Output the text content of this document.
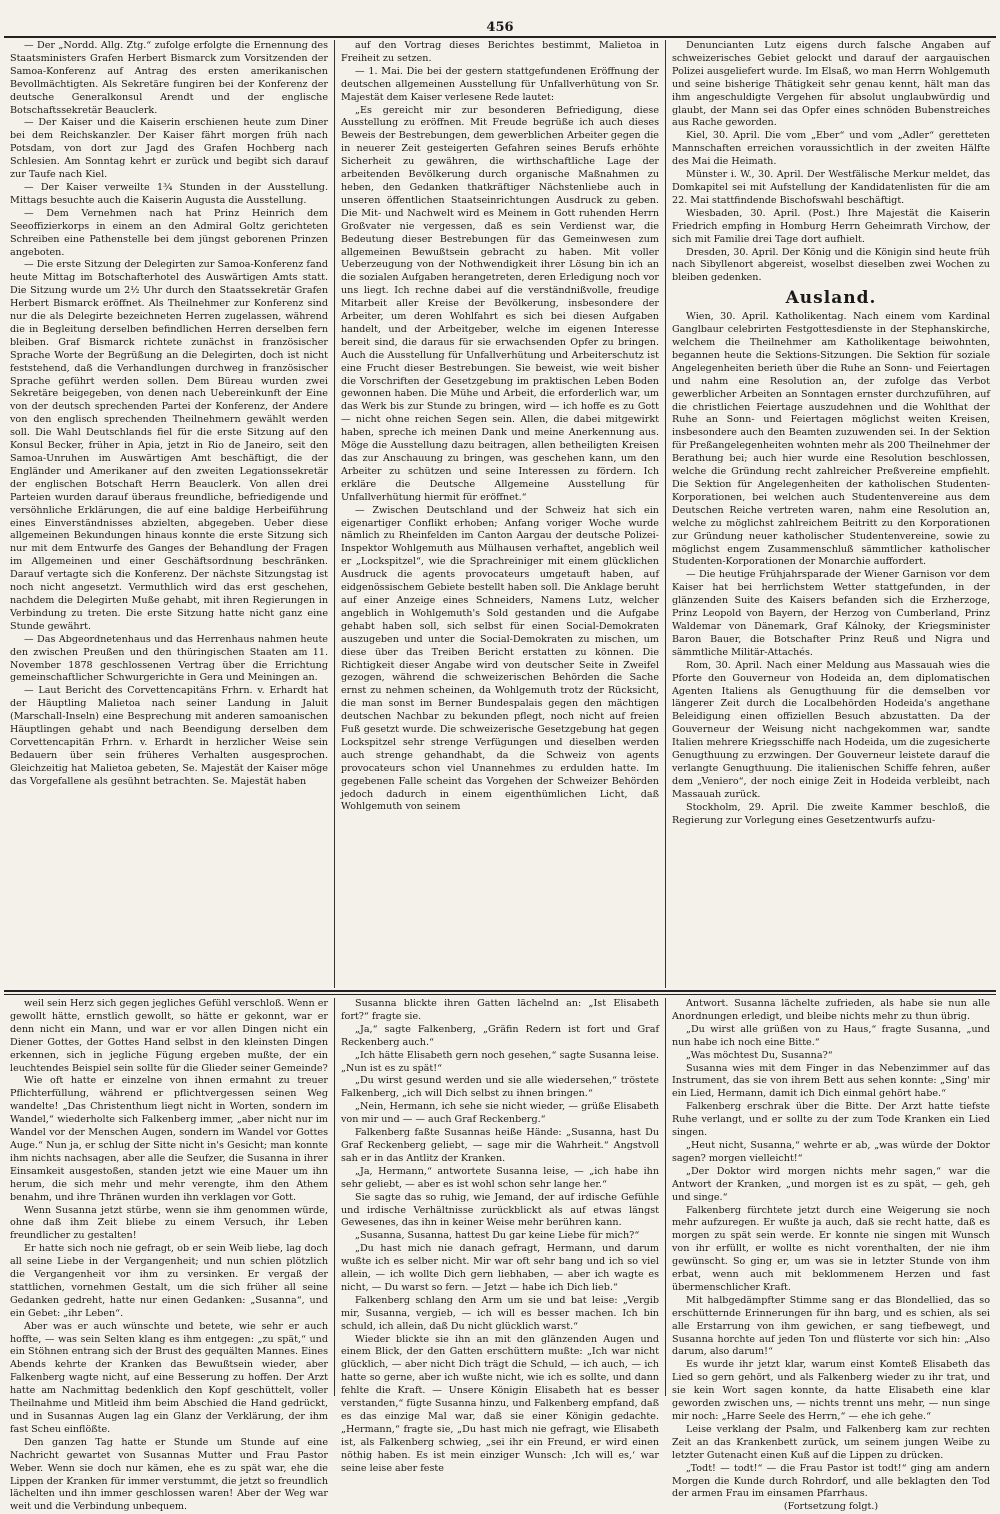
456

— Der „Nordd. Allg. Ztg.“ zufolge erfolgte die Ernennung des Staatsministers Grafen Herbert Bismarck zum Vorsitzenden der Samoa-Konferenz auf Antrag des ersten amerikanischen Bevollmächtigten. Als Sekretäre fungiren bei der Konferenz der deutsche Generalkonsul Arendt und der englische Botschaftssekretär Beauclerk.

— Der Kaiser und die Kaiserin erschienen heute zum Diner bei dem Reichskanzler. Der Kaiser fährt morgen früh nach Potsdam, von dort zur Jagd des Grafen Hochberg nach Schlesien. Am Sonntag kehrt er zurück und begibt sich darauf zur Taufe nach Kiel.

— Der Kaiser verweilte 1¾ Stunden in der Ausstellung. Mittags besuchte auch die Kaiserin Augusta die Ausstellung.

— Dem Vernehmen nach hat Prinz Heinrich dem Seeoffizierkorps in einem an den Admiral Goltz gerichteten Schreiben eine Pathenstelle bei dem jüngst geborenen Prinzen angeboten.

— Die erste Sitzung der Delegirten zur Samoa-Konferenz fand heute Mittag im Botschafterhotel des Auswärtigen Amts statt. Die Sitzung wurde um 2½ Uhr durch den Staatssekretär Grafen Herbert Bismarck eröffnet. Als Theilnehmer zur Konferenz sind nur die als Delegirte bezeichneten Herren zugelassen, während die in Begleitung derselben befindlichen Herren derselben fern bleiben. Graf Bismarck richtete zunächst in französischer Sprache Worte der Begrüßung an die Delegirten, doch ist nicht feststehend, daß die Verhandlungen durchweg in französischer Sprache geführt werden sollen. Dem Büreau wurden zwei Sekretäre beigegeben, von denen nach Uebereinkunft der Eine von der deutsch sprechenden Partei der Konferenz, der Andere von den englisch sprechenden Theilnehmern gewählt werden soll. Die Wahl Deutschlands fiel für die erste Sitzung auf den Konsul Becker, früher in Apia, jetzt in Rio de Janeiro, seit den Samoa-Unruhen im Auswärtigen Amt beschäftigt, die der Engländer und Amerikaner auf den zweiten Legationssekretär der englischen Botschaft Herrn Beauclerk. Von allen drei Parteien wurden darauf überaus freundliche, befriedigende und versöhnliche Erklärungen, die auf eine baldige Herbeiführung eines Einverständnisses abzielten, abgegeben. Ueber diese allgemeinen Bekundungen hinaus konnte die erste Sitzung sich nur mit dem Entwurfe des Ganges der Behandlung der Fragen im Allgemeinen und einer Geschäftsordnung beschränken. Darauf vertagte sich die Konferenz. Der nächste Sitzungstag ist noch nicht angesetzt. Vermuthlich wird das erst geschehen, nachdem die Delegirten Muße gehabt, mit ihren Regierungen in Verbindung zu treten. Die erste Sitzung hatte nicht ganz eine Stunde gewährt.

— Das Abgeordnetenhaus und das Herrenhaus nahmen heute den zwischen Preußen und den thüringischen Staaten am 11. November 1878 geschlossenen Vertrag über die Errichtung gemeinschaftlicher Schwurgerichte in Gera und Meiningen an.

— Laut Bericht des Corvettencapitäns Frhrn. v. Erhardt hat der Häuptling Malietoa nach seiner Landung in Jaluit (Marschall-Inseln) eine Besprechung mit anderen samoanischen Häuptlingen gehabt und nach Beendigung derselben dem Corvettencapitän Frhrn. v. Erhardt in herzlicher Weise sein Bedauern über sein früheres Verhalten ausgesprochen. Gleichzeitig hat Malietoa gebeten, Se. Majestät der Kaiser möge das Vorgefallene als gesühnt betrachten. Se. Majestät haben

auf den Vortrag dieses Berichtes bestimmt, Malietoa in Freiheit zu setzen.

— 1. Mai. Die bei der gestern stattgefundenen Eröffnung der deutschen allgemeinen Ausstellung für Unfallverhütung von Sr. Majestät dem Kaiser verlesene Rede lautet:

„Es gereicht mir zur besonderen Befriedigung, diese Ausstellung zu eröffnen. Mit Freude begrüße ich auch dieses Beweis der Bestrebungen, dem gewerblichen Arbeiter gegen die in neuerer Zeit gesteigerten Gefahren seines Berufs erhöhte Sicherheit zu gewähren, die wirthschaftliche Lage der arbeitenden Bevölkerung durch organische Maßnahmen zu heben, den Gedanken thatkräftiger Nächstenliebe auch in unseren öffentlichen Staatseinrichtungen Ausdruck zu geben. Die Mit- und Nachwelt wird es Meinem in Gott ruhenden Herrn Großvater nie vergessen, daß es sein Verdienst war, die Bedeutung dieser Bestrebungen für das Gemeinwesen zum allgemeinen Bewußtsein gebracht zu haben. Mit voller Ueberzeugung von der Nothwendigkeit ihrer Lösung bin ich an die sozialen Aufgaben herangetreten, deren Erledigung noch vor uns liegt. Ich rechne dabei auf die verständnißvolle, freudige Mitarbeit aller Kreise der Bevölkerung, insbesondere der Arbeiter, um deren Wohlfahrt es sich bei diesen Aufgaben handelt, und der Arbeitgeber, welche im eigenen Interesse bereit sind, die daraus für sie erwachsenden Opfer zu bringen. Auch die Ausstellung für Unfallverhütung und Arbeiterschutz ist eine Frucht dieser Bestrebungen. Sie beweist, wie weit bisher die Vorschriften der Gesetzgebung im praktischen Leben Boden gewonnen haben. Die Mühe und Arbeit, die erforderlich war, um das Werk bis zur Stunde zu bringen, wird — ich hoffe es zu Gott — nicht ohne reichen Segen sein. Allen, die dabei mitgewirkt haben, spreche ich meinen Dank und meine Anerkennung aus. Möge die Ausstellung dazu beitragen, allen betheiligten Kreisen das zur Anschauung zu bringen, was geschehen kann, um den Arbeiter zu schützen und seine Interessen zu fördern. Ich erkläre die Deutsche Allgemeine Ausstellung für Unfallverhütung hiermit für eröffnet.“

— Zwischen Deutschland und der Schweiz hat sich ein eigenartiger Conflikt erhoben; Anfang voriger Woche wurde nämlich zu Rheinfelden im Canton Aargau der deutsche Polizei-Inspektor Wohlgemuth aus Mülhausen verhaftet, angeblich weil er „Lockspitzel“, wie die Sprachreiniger mit einem glücklichen Ausdruck die agents provocateurs umgetauft haben, auf eidgenössischem Gebiete bestellt haben soll. Die Anklage beruht auf einer Anzeige eines Schneiders, Namens Lutz, welcher angeblich in Wohlgemuth's Sold gestanden und die Aufgabe gehabt haben soll, sich selbst für einen Social-Demokraten auszugeben und unter die Social-Demokraten zu mischen, um diese über das Treiben Bericht erstatten zu können. Die Richtigkeit dieser Angabe wird von deutscher Seite in Zweifel gezogen, während die schweizerischen Behörden die Sache ernst zu nehmen scheinen, da Wohlgemuth trotz der Rücksicht, die man sonst im Berner Bundespalais gegen den mächtigen deutschen Nachbar zu bekunden pflegt, noch nicht auf freien Fuß gesetzt wurde. Die schweizerische Gesetzgebung hat gegen Lockspitzel sehr strenge Verfügungen und dieselben werden auch strenge gehandhabt, da die Schweiz von agents provocateurs schon viel Unannehmes zu erdulden hatte. Im gegebenen Falle scheint das Vorgehen der Schweizer Behörden jedoch dadurch in einem eigenthümlichen Licht, daß Wohlgemuth von seinem

Denuncianten Lutz eigens durch falsche Angaben auf schweizerisches Gebiet gelockt und darauf der aargauischen Polizei ausgeliefert wurde. Im Elsaß, wo man Herrn Wohlgemuth und seine bisherige Thätigkeit sehr genau kennt, hält man das ihm angeschuldigte Vergehen für absolut unglaubwürdig und glaubt, der Mann sei das Opfer eines schnöden Bubenstreiches aus Rache geworden.

Kiel, 30. April. Die vom „Eber“ und vom „Adler“ geretteten Mannschaften erreichen voraussichtlich in der zweiten Hälfte des Mai die Heimath.

Münster i. W., 30. April. Der Westfälische Merkur meldet, das Domkapitel sei mit Aufstellung der Kandidatenlisten für die am 22. Mai stattfindende Bischofswahl beschäftigt.

Wiesbaden, 30. April. (Post.) Ihre Majestät die Kaiserin Friedrich empfing in Homburg Herrn Geheimrath Virchow, der sich mit Familie drei Tage dort aufhielt.

Dresden, 30. April. Der König und die Königin sind heute früh nach Sibyllenort abgereist, woselbst dieselben zwei Wochen zu bleiben gedenken.

Ausland.

Wien, 30. April. Katholikentag. Nach einem vom Kardinal Ganglbaur celebrirten Festgottesdienste in der Stephanskirche, welchem die Theilnehmer am Katholikentage beiwohnten, begannen heute die Sektions-Sitzungen. Die Sektion für soziale Angelegenheiten berieth über die Ruhe an Sonn- und Feiertagen und nahm eine Resolution an, der zufolge das Verbot gewerblicher Arbeiten an Sonntagen ernster durchzuführen, auf die christlichen Feiertage auszudehnen und die Wohlthat der Ruhe an Sonn- und Feiertagen möglichst weiten Kreisen, insbesondere auch den Beamten zuzuwenden sei. In der Sektion für Preßangelegenheiten wohnten mehr als 200 Theilnehmer der Berathung bei; auch hier wurde eine Resolution beschlossen, welche die Gründung recht zahlreicher Preßvereine empfiehlt. Die Sektion für Angelegenheiten der katholischen Studenten-Korporationen, bei welchen auch Studentenvereine aus dem Deutschen Reiche vertreten waren, nahm eine Resolution an, welche zu möglichst zahlreichem Beitritt zu den Korporationen zur Gründung neuer katholischer Studentenvereine, sowie zu möglichst engem Zusammenschluß sämmtlicher katholischer Studenten-Korporationen der Monarchie auffordert.

— Die heutige Frühjahrsparade der Wiener Garnison vor dem Kaiser hat bei herrlichstem Wetter stattgefunden, in der glänzenden Suite des Kaisers befanden sich die Erzherzoge, Prinz Leopold von Bayern, der Herzog von Cumberland, Prinz Waldemar von Dänemark, Graf Kálnoky, der Kriegsminister Baron Bauer, die Botschafter Prinz Reuß und Nigra und sämmtliche Militär-Attachés.

Rom, 30. April. Nach einer Meldung aus Massauah wies die Pforte den Gouverneur von Hodeida an, dem diplomatischen Agenten Italiens als Genugthuung für die demselben vor längerer Zeit durch die Localbehörden Hodeida's angethane Beleidigung einen offiziellen Besuch abzustatten. Da der Gouverneur der Weisung nicht nachgekommen war, sandte Italien mehrere Kriegsschiffe nach Hodeida, um die zugesicherte Genugthuung zu erzwingen. Der Gouverneur leistete darauf die verlangte Genugthuung. Die italienischen Schiffe fehren, außer dem „Veniero“, der noch einige Zeit in Hodeida verbleibt, nach Massauah zurück.

Stockholm, 29. April. Die zweite Kammer beschloß, die Regierung zur Vorlegung eines Gesetzentwurfs aufzu-

weil sein Herz sich gegen jegliches Gefühl verschloß. Wenn er gewollt hätte, ernstlich gewollt, so hätte er gekonnt, war er denn nicht ein Mann, und war er vor allen Dingen nicht ein Diener Gottes, der Gottes Hand selbst in den kleinsten Dingen erkennen, sich in jegliche Fügung ergeben mußte, der ein leuchtendes Beispiel sein sollte für die Glieder seiner Gemeinde?

Wie oft hatte er einzelne von ihnen ermahnt zu treuer Pflichterfüllung, während er pflichtvergessen seinen Weg wandelte! „Das Christenthum liegt nicht in Worten, sondern im Wandel,“ wiederholte sich Falkenberg immer, „aber nicht nur im Wandel vor der Menschen Augen, sondern im Wandel vor Gottes Auge.“ Nun ja, er schlug der Sitte nicht in's Gesicht; man konnte ihm nichts nachsagen, aber alle die Seufzer, die Susanna in ihrer Einsamkeit ausgestoßen, standen jetzt wie eine Mauer um ihn herum, die sich mehr und mehr verengte, ihm den Athem benahm, und ihre Thränen wurden ihn verklagen vor Gott.

Wenn Susanna jetzt stürbe, wenn sie ihm genommen würde, ohne daß ihm Zeit bliebe zu einem Versuch, ihr Leben freundlicher zu gestalten!

Er hatte sich noch nie gefragt, ob er sein Weib liebe, lag doch all seine Liebe in der Vergangenheit; und nun schien plötzlich die Vergangenheit vor ihm zu versinken. Er vergaß der stattlichen, vornehmen Gestalt, um die sich früher all seine Gedanken gedreht, hatte nur einen Gedanken: „Susanna“, und ein Gebet: „ihr Leben“.

Aber was er auch wünschte und betete, wie sehr er auch hoffte, — was sein Selten klang es ihm entgegen: „zu spät,“ und ein Stöhnen entrang sich der Brust des gequälten Mannes. Eines Abends kehrte der Kranken das Bewußtsein wieder, aber Falkenberg wagte nicht, auf eine Besserung zu hoffen. Der Arzt hatte am Nachmittag bedenklich den Kopf geschüttelt, voller Theilnahme und Mitleid ihm beim Abschied die Hand gedrückt, und in Susannas Augen lag ein Glanz der Verklärung, der ihm fast Scheu einflößte.

Den ganzen Tag hatte er Stunde um Stunde auf eine Nachricht gewartet von Susannas Mutter und Frau Pastor Weber. Wenn sie doch nur kämen, ehe es zu spät war, ehe die Lippen der Kranken für immer verstummt, die jetzt so freundlich lächelten und ihn immer geschlossen waren! Aber der Weg war weit und die Verbindung unbequem.

Susanna blickte ihren Gatten lächelnd an: „Ist Elisabeth fort?“ fragte sie.

„Ja,“ sagte Falkenberg, „Gräfin Redern ist fort und Graf Reckenberg auch.“

„Ich hätte Elisabeth gern noch gesehen,“ sagte Susanna leise. „Nun ist es zu spät!“

„Du wirst gesund werden und sie alle wiedersehen,“ tröstete Falkenberg, „ich will Dich selbst zu ihnen bringen.“

„Nein, Hermann, ich sehe sie nicht wieder, — grüße Elisabeth von mir und — — auch Graf Reckenberg.“

Falkenberg faßte Susannas heiße Hände: „Susanna, hast Du Graf Reckenberg geliebt, — sage mir die Wahrheit.“ Angstvoll sah er in das Antlitz der Kranken.

„Ja, Hermann,“ antwortete Susanna leise, — „ich habe ihn sehr geliebt, — aber es ist wohl schon sehr lange her.“

Sie sagte das so ruhig, wie Jemand, der auf irdische Gefühle und irdische Verhältnisse zurückblickt als auf etwas längst Gewesenes, das ihn in keiner Weise mehr berühren kann.

„Susanna, Susanna, hattest Du gar keine Liebe für mich?“

„Du hast mich nie danach gefragt, Hermann, und darum wußte ich es selber nicht. Mir war oft sehr bang und ich so viel allein, — ich wollte Dich gern liebhaben, — aber ich wagte es nicht, — Du warst so fern. — Jetzt — habe ich Dich lieb.“

Falkenberg schlang den Arm um sie und bat leise: „Vergib mir, Susanna, vergieb, — ich will es besser machen. Ich bin schuld, ich allein, daß Du nicht glücklich warst.“

Wieder blickte sie ihn an mit den glänzenden Augen und einem Blick, der den Gatten erschüttern mußte: „Ich war nicht glücklich, — aber nicht Dich trägt die Schuld, — ich auch, — ich hatte so gerne, aber ich wußte nicht, wie ich es sollte, und dann fehlte die Kraft. — Unsere Königin Elisabeth hat es besser verstanden,“ fügte Susanna hinzu, und Falkenberg empfand, daß es das einzige Mal war, daß sie einer Königin gedachte. „Hermann,“ fragte sie, „Du hast mich nie gefragt, wie Elisabeth ist, als Falkenberg schwieg, „sei ihr ein Freund, er wird einen nöthig haben. Es ist mein einziger Wunsch: ,Ich will es,‘ war seine leise aber feste

Antwort. Susanna lächelte zufrieden, als habe sie nun alle Anordnungen erledigt, und bleibe nichts mehr zu thun übrig.

„Du wirst alle grüßen von zu Haus,“ fragte Susanna, „und nun habe ich noch eine Bitte.“

„Was möchtest Du, Susanna?“

Susanna wies mit dem Finger in das Nebenzimmer auf das Instrument, das sie von ihrem Bett aus sehen konnte: „Sing' mir ein Lied, Hermann, damit ich Dich einmal gehört habe.“

Falkenberg erschrak über die Bitte. Der Arzt hatte tiefste Ruhe verlangt, und er sollte zu der zum Tode Kranken ein Lied singen.

„Heut nicht, Susanna,“ wehrte er ab, „was würde der Doktor sagen? morgen vielleicht!“

„Der Doktor wird morgen nichts mehr sagen,“ war die Antwort der Kranken, „und morgen ist es zu spät, — geh, geh und singe.“

Falkenberg fürchtete jetzt durch eine Weigerung sie noch mehr aufzuregen. Er wußte ja auch, daß sie recht hatte, daß es morgen zu spät sein werde. Er konnte nie singen mit Wunsch von ihr erfüllt, er wollte es nicht vorenthalten, der nie ihm gewünscht. So ging er, um was sie in letzter Stunde von ihm erbat, wenn auch mit beklommenem Herzen und fast übermenschlicher Kraft.

Mit halbgedämpfter Stimme sang er das Blondellied, das so erschütternde Erinnerungen für ihn barg, und es schien, als sei alle Erstarrung von ihm gewichen, er sang tiefbewegt, und Susanna horchte auf jeden Ton und flüsterte vor sich hin: „Also darum, also darum!“

Es wurde ihr jetzt klar, warum einst Komteß Elisabeth das Lied so gern gehört, und als Falkenberg wieder zu ihr trat, und sie kein Wort sagen konnte, da hatte Elisabeth eine klar geworden zwischen uns, — nichts trennt uns mehr, — nun singe mir noch: „Harre Seele des Herrn,“ — ehe ich gehe.“

Leise verklang der Psalm, und Falkenberg kam zur rechten Zeit an das Krankenbett zurück, um seinem jungen Weibe zu letzter Gutenacht einen Kuß auf die Lippen zu drücken.

„Todt! — todt!“ — die Frau Pastor ist todt!“ ging am andern Morgen die Kunde durch Rohrdorf, und alle beklagten den Tod der armen Frau im einsamen Pfarrhaus.

(Fortsetzung folgt.)
